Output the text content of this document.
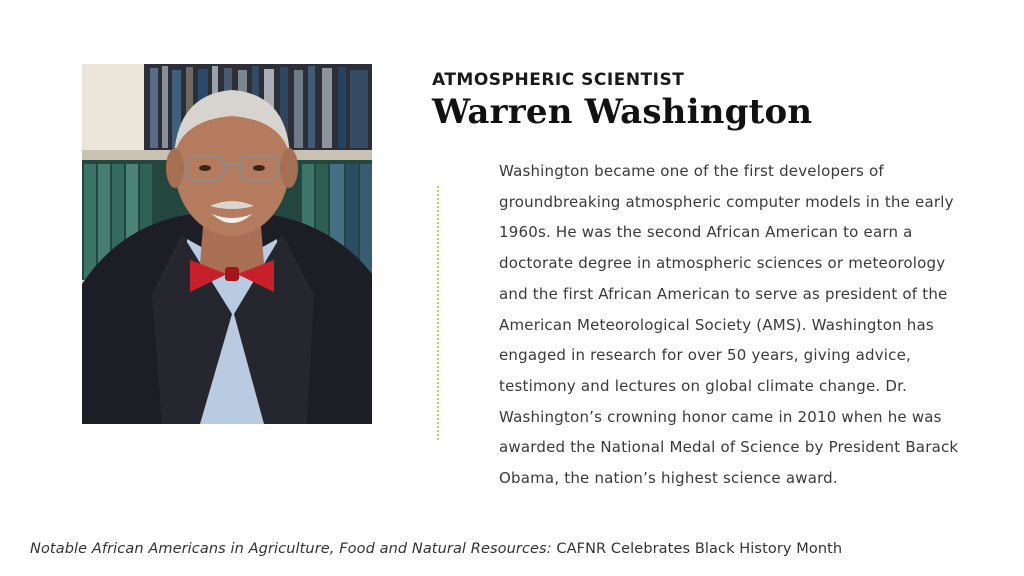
ATMOSPHERIC SCIENTIST
Warren Washington

Washington became one of the first developers of groundbreaking atmospheric computer models in the early 1960s. He was the second African American to earn a doctorate degree in atmospheric sciences or meteorology and the first African American to serve as president of the American Meteorological Society (AMS). Washington has engaged in research for over 50 years, giving advice, testimony and lectures on global climate change. Dr. Washington’s crowning honor came in 2010 when he was awarded the National Medal of Science by President Barack Obama, the nation’s highest science award.

Notable African Americans in Agriculture, Food and Natural Resources: CAFNR Celebrates Black History Month
